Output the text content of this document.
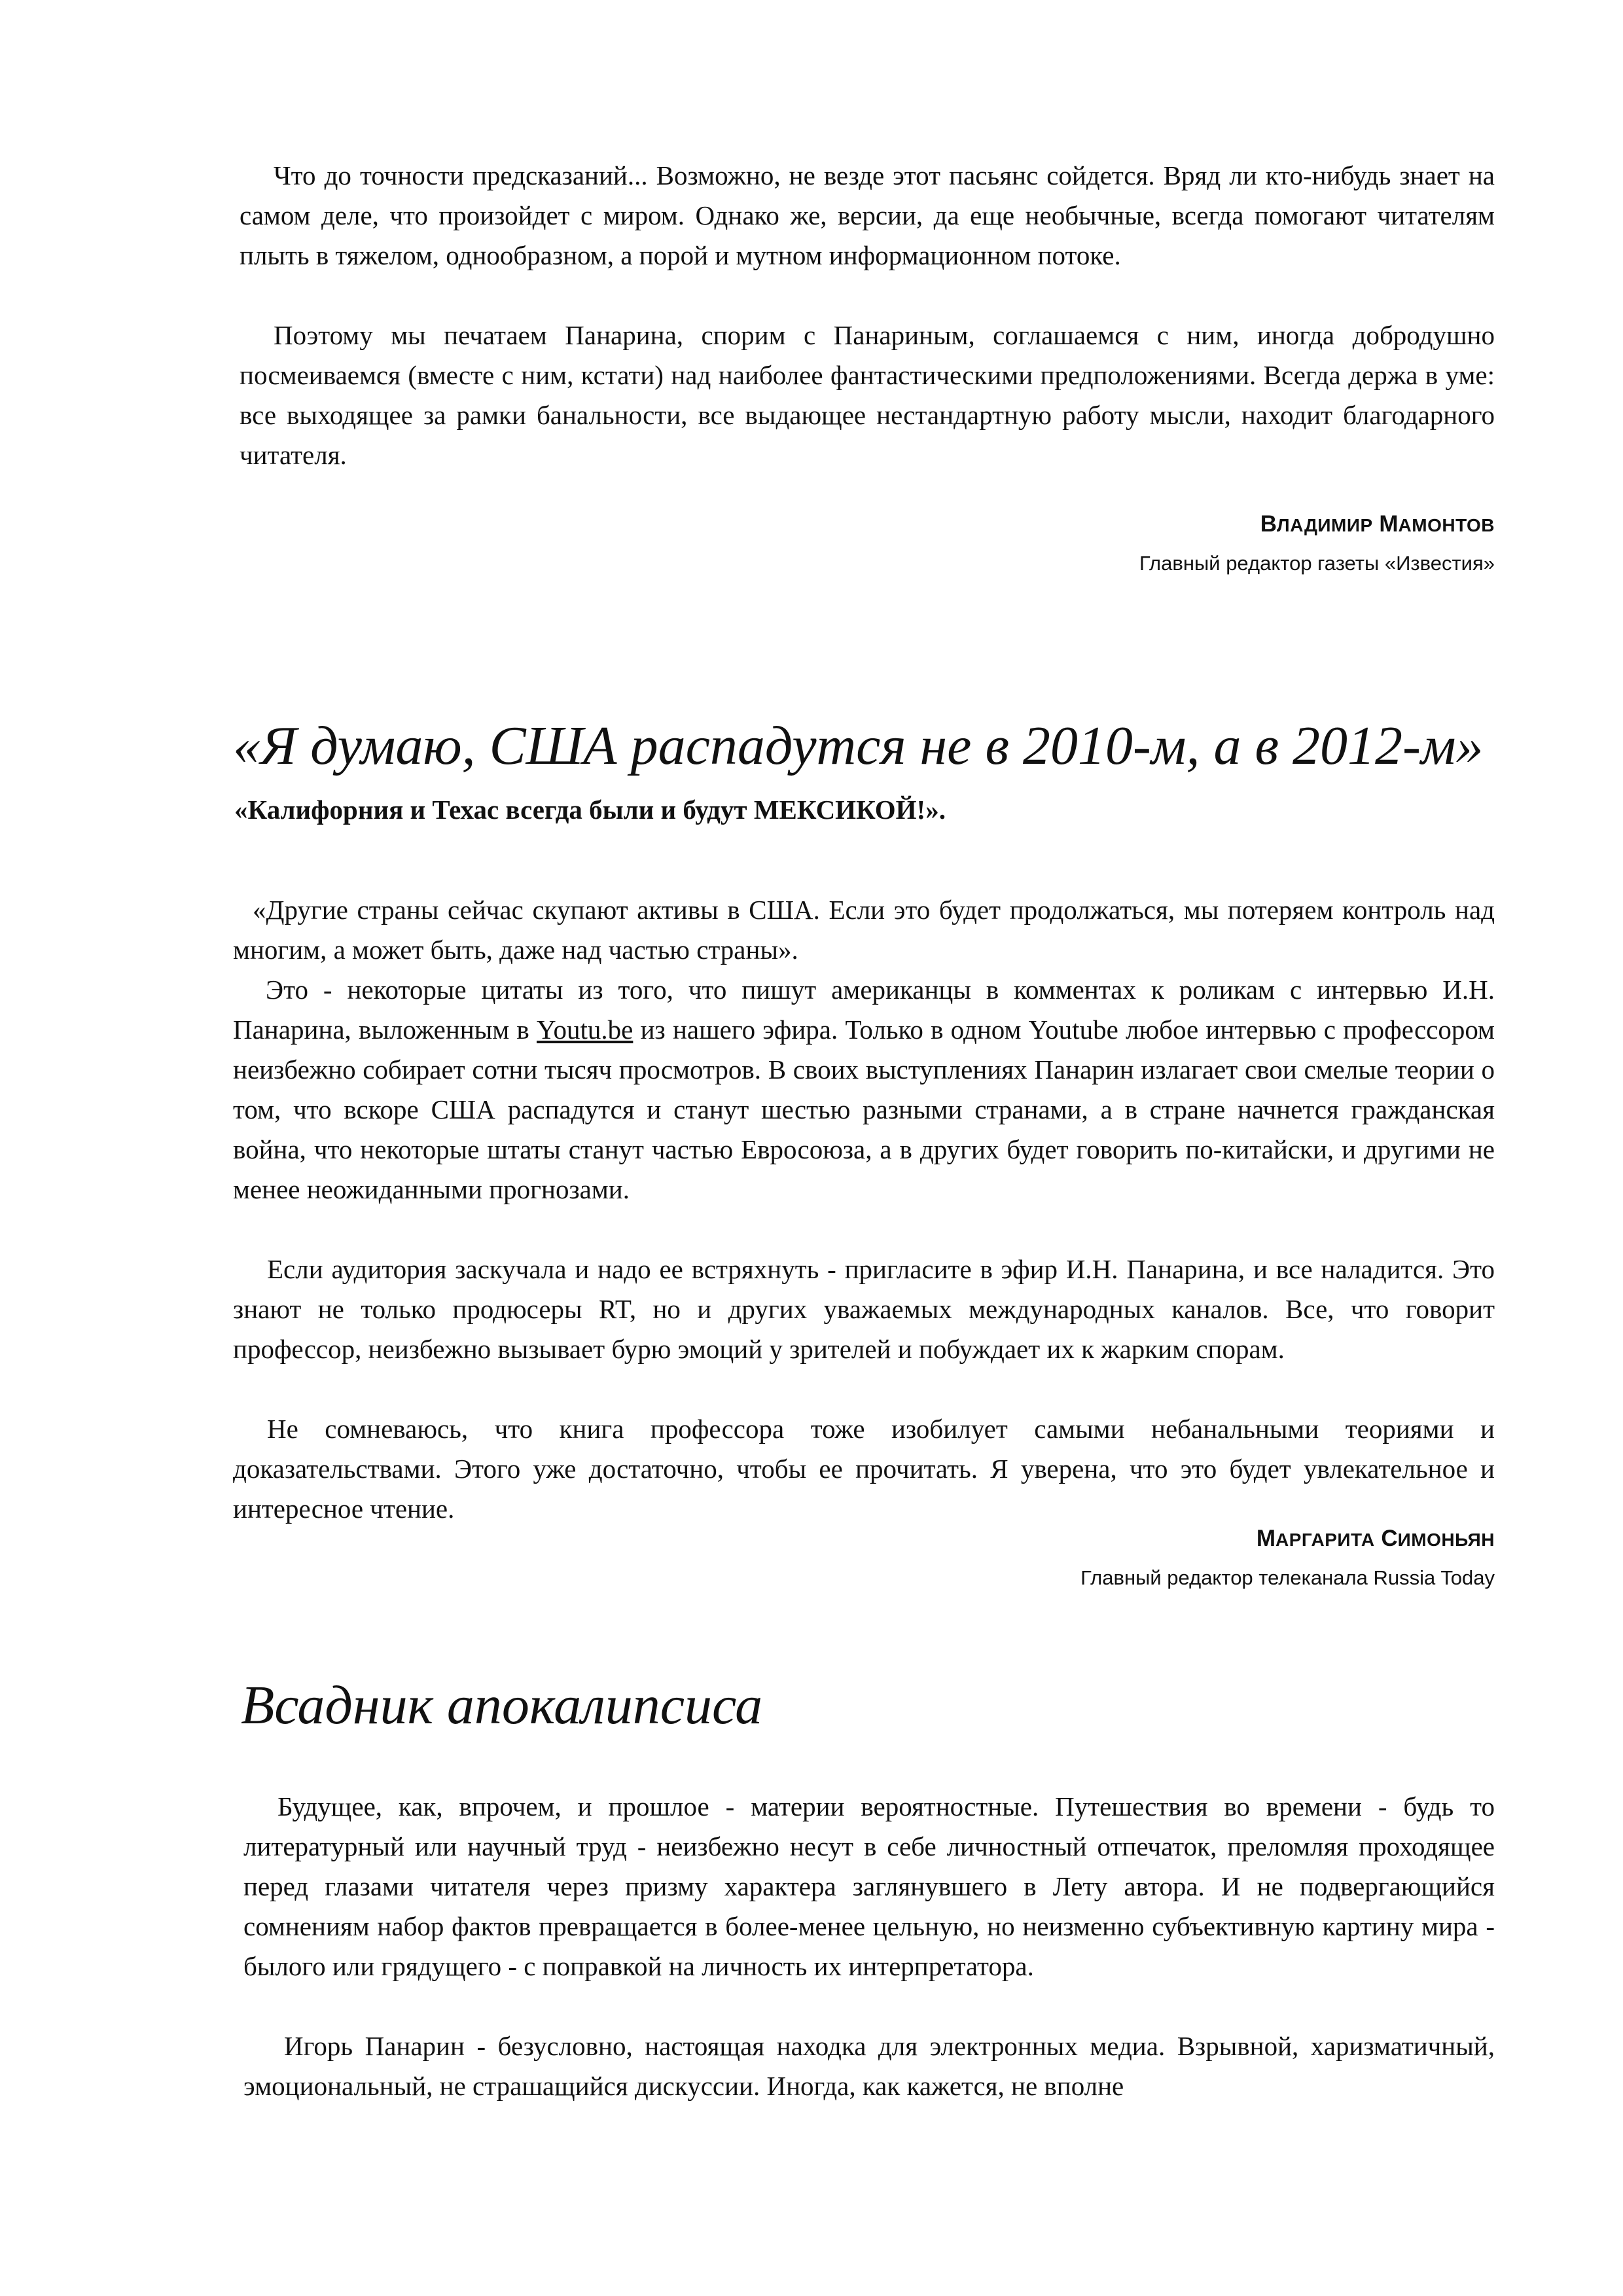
Что до точности предсказаний... Возможно, не везде этот пасьянс сойдется. Вряд ли кто-нибудь знает на самом деле, что произойдет с миром. Однако же, версии, да еще необычные, всегда помогают читателям плыть в тяжелом, однообразном, а порой и мутном информационном потоке.

Поэтому мы печатаем Панарина, спорим с Панариным, соглашаемся с ним, иногда добродушно посмеиваемся (вместе с ним, кстати) над наиболее фантастическими предположениями. Всегда держа в уме: все выходящее за рамки банальности, все выдающее нестандартную работу мысли, находит благодарного читателя.

ВЛАДИМИР МАМОНТОВ

Главный редактор газеты «Известия»

«Я думаю, США распадутся не в 2010-м, а в 2012-м»
«Калифорния и Техас всегда были и будут МЕКСИКОЙ!».

«Другие страны сейчас скупают активы в США. Если это будет продолжаться, мы потеряем контроль над многим, а может быть, даже над частью страны».

Это - некоторые цитаты из того, что пишут американцы в комментах к роликам с интервью И.Н. Панарина, выложенным в Youtu.be из нашего эфира. Только в одном Youtube любое интервью с профессором неизбежно собирает сотни тысяч просмотров. В своих выступлениях Панарин излагает свои смелые теории о том, что вскоре США распадутся и станут шестью разными странами, а в стране начнется гражданская война, что некоторые штаты станут частью Евросоюза, а в других будет говорить по-китайски, и другими не менее неожиданными прогнозами.

Если аудитория заскучала и надо ее встряхнуть - пригласите в эфир И.Н. Панарина, и все наладится. Это знают не только продюсеры RT, но и других уважаемых международных каналов. Все, что говорит профессор, неизбежно вызывает бурю эмоций у зрителей и побуждает их к жарким спорам.

Не сомневаюсь, что книга профессора тоже изобилует самыми небанальными теориями и доказательствами. Этого уже достаточно, чтобы ее прочитать. Я уверена, что это будет увлекательное и интересное чтение.

МАРГАРИТА СИМОНЬЯН

Главный редактор телеканала Russia Today

Всадник апокалипсиса

Будущее, как, впрочем, и прошлое - материи вероятностные. Путешествия во времени - будь то литературный или научный труд - неизбежно несут в себе личностный отпечаток, преломляя проходящее перед глазами читателя через призму характера заглянувшего в Лету автора. И не подвергающийся сомнениям набор фактов превращается в более-менее цельную, но неизменно субъективную картину мира - былого или грядущего - с поправкой на личность их интерпретатора.

Игорь Панарин - безусловно, настоящая находка для электронных медиа. Взрывной, харизматичный, эмоциональный, не страшащийся дискуссии. Иногда, как кажется, не вполне
